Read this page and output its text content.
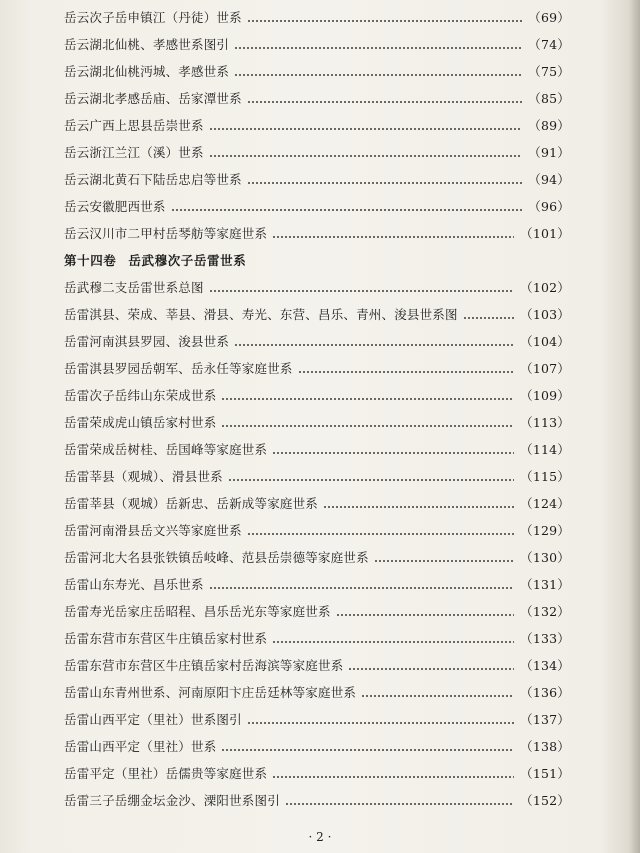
岳云次子岳申镇江（丹徒）世系	（69）
岳云湖北仙桃、孝感世系图引	（74）
岳云湖北仙桃沔城、孝感世系	（75）
岳云湖北孝感岳庙、岳家潭世系	（85）
岳云广西上思县岳崇世系	（89）
岳云浙江兰江（溪）世系	（91）
岳云湖北黄石下陆岳忠启等世系	（94）
岳云安徽肥西世系	（96）
岳云汉川市二甲村岳琴舫等家庭世系	（101）
第十四卷 岳武穆次子岳雷世系
岳武穆二支岳雷世系总图	（102）
岳雷淇县、荣成、莘县、滑县、寿光、东营、昌乐、青州、浚县世系图	（103）
岳雷河南淇县罗园、浚县世系	（104）
岳雷淇县罗园岳朝军、岳永任等家庭世系	（107）
岳雷次子岳纬山东荣成世系	（109）
岳雷荣成虎山镇岳家村世系	（113）
岳雷荣成岳树桂、岳国峰等家庭世系	（114）
岳雷莘县（观城）、滑县世系	（115）
岳雷莘县（观城）岳新忠、岳新成等家庭世系	（124）
岳雷河南滑县岳文兴等家庭世系	（129）
岳雷河北大名县张铁镇岳岐峰、范县岳崇德等家庭世系	（130）
岳雷山东寿光、昌乐世系	（131）
岳雷寿光岳家庄岳昭程、昌乐岳光东等家庭世系	（132）
岳雷东营市东营区牛庄镇岳家村世系	（133）
岳雷东营市东营区牛庄镇岳家村岳海滨等家庭世系	（134）
岳雷山东青州世系、河南原阳卞庄岳廷林等家庭世系	（136）
岳雷山西平定（里社）世系图引	（137）
岳雷山西平定（里社）世系	（138）
岳雷平定（里社）岳儒贵等家庭世系	（151）
岳雷三子岳绷金坛金沙、溧阳世系图引	（152）
· 2 ·
